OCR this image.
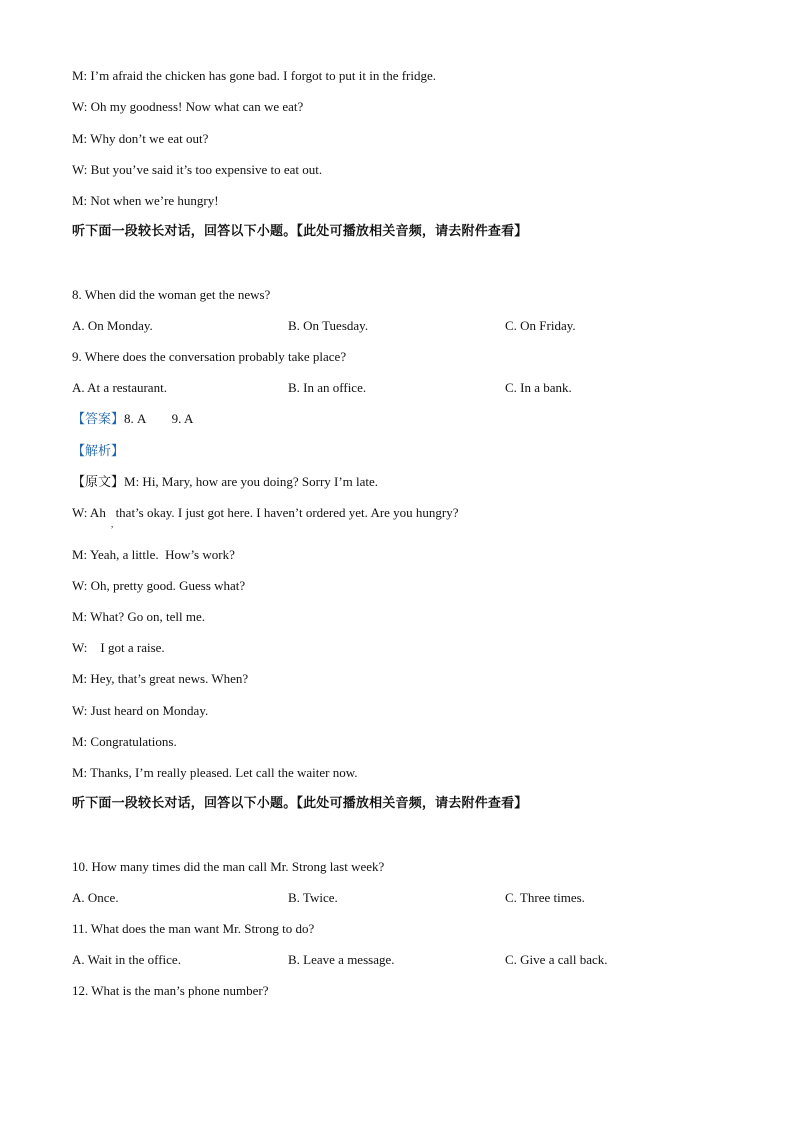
M: I’m afraid the chicken has gone bad. I forgot to put it in the fridge.
W: Oh my goodness! Now what can we eat?
M: Why don’t we eat out?
W: But you’ve said it’s too expensive to eat out.
M: Not when we’re hungry!
听下面一段较长对话，回答以下小题。【此处可播放相关音频，请去附件查看】
8. When did the woman get the news?
A. On Monday.	B. On Tuesday.	C. On Friday.
9. Where does the conversation probably take place?
A. At a restaurant.	B. In an office.	C. In a bank.
【答案】8. A        9. A
【解析】
【原文】M: Hi, Mary, how are you doing? Sorry I’m late.
W: Ah   that’s okay. I just got here. I haven’t ordered yet. Are you hungry?
,
M: Yeah, a little.  How’s work?
W: Oh, pretty good. Guess what?
M: What? Go on, tell me.
W:    I got a raise.
M: Hey, that’s great news. When?
W: Just heard on Monday.
M: Congratulations.
M: Thanks, I’m really pleased. Let call the waiter now.
听下面一段较长对话，回答以下小题。【此处可播放相关音频，请去附件查看】
10. How many times did the man call Mr. Strong last week?
A. Once.	B. Twice.	C. Three times.
11. What does the man want Mr. Strong to do?
A. Wait in the office.	B. Leave a message.	C. Give a call back.
12. What is the man’s phone number?
